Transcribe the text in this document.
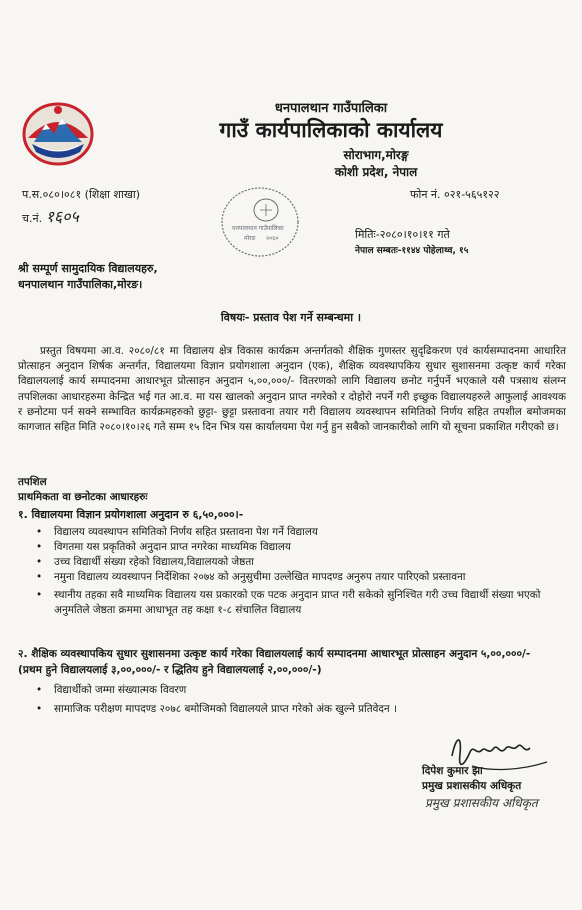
धनपालथान गाउँपालिका
गाउँ कार्यपालिकाको कार्यालय
सोराभाग,मोरङ्ग
कोशी प्रदेश, नेपाल
प.स.०८०।०८१ (शिक्षा शाखा)
च.नं. १६०५
फोन नं. ०२१-५६५१२२
मितिः-२०८०।१०।११ गते
नेपाल सम्बतः-११४४ पोहेलाथ्व, १५
धनपालथान गाउँपालिका
मोरङ २०६०
श्री सम्पूर्ण सामुदायिक विद्यालयहरु,
धनपालथान गाउँपालिका,मोरङ।
विषयः- प्रस्ताव पेश गर्ने सम्बन्धमा ।
प्रस्तुत विषयमा आ.व. २०८०/८१ मा विद्यालय क्षेत्र विकास कार्यक्रम अन्तर्गतको शैक्षिक गुणस्तर सुदृढिकरण एवं कार्यसम्पादनमा आधारित प्रोत्साहन अनुदान शिर्षक अन्तर्गत, विद्यालयमा विज्ञान प्रयोगशाला अनुदान (एक), शैक्षिक व्यवस्थापकिय सुधार सुशासनमा उत्कृष्ट कार्य गरेका विद्यालयलाई कार्य सम्पादनमा आधारभूत प्रोत्साहन अनुदान ५,००,०००/- वितरणको लागि विद्यालय छनोट गर्नुपर्ने भएकाले यसै पत्रसाथ संलग्न तपशिलका आधारहरुमा केन्द्रित भई गत आ.व. मा यस खालको अनुदान प्राप्त नगरेको र दोहोरो नपर्ने गरी इच्छुक विद्यालयहरुले आफुलाई आवश्यक र छनोटमा पर्न सक्ने सम्भावित कार्यक्रमहरुको छुट्टा- छुट्टा प्रस्तावना तयार गरी विद्यालय व्यवस्थापन समितिको निर्णय सहित तपशील बमोजमका कागजात सहित मिति २०८०।१०।२६ गते सम्म १५ दिन भित्र यस कार्यालयमा पेश गर्नु हुन सबैको जानकारीको लागि यो सूचना प्रकाशित गरीएको छ।
तपशिल
प्राथमिकता वा छनोटका आधारहरुः
१. विद्यालयमा विज्ञान प्रयोगशाला अनुदान रु ६,५०,०००।-
• विद्यालय व्यवस्थापन समितिको निर्णय सहित प्रस्तावना पेश गर्ने विद्यालय
• विगतमा यस प्रकृतिको अनुदान प्राप्त नगरेका माध्यमिक विद्यालय
• उच्च विद्यार्थी संख्या रहेको विद्यालय,विद्यालयको जेष्ठता
• नमुना विद्यालय व्यवस्थापन निर्देशिका २०७४ को अनुसुचीमा उल्लेखित मापदण्ड अनुरुप तयार पारिएको प्रस्तावना
• स्थानीय तहका सवै माध्यमिक विद्यालय यस प्रकारको एक पटक अनुदान प्राप्त गरी सकेको सुनिश्चित गरी उच्च विद्यार्थी संख्या भएको अनुमतिले जेष्ठता क्रममा आधाभूत तह कक्षा १-८ संचालित विद्यालय
२. शैक्षिक व्यवस्थापकिय सुधार सुशासनमा उत्कृष्ट कार्य गरेका विद्यालयलाई कार्य सम्पादनमा आधारभूत प्रोत्साहन अनुदान ५,००,०००/- (प्रथम हुने विद्यालयलाई ३,००,०००/- र द्धितिय हुने विद्यालयलाई २,००,०००/-)
• विद्यार्थीको जम्मा संख्यात्मक विवरण
• सामाजिक परीक्षण मापदण्ड २०७८ बमोजिमको विद्यालयले प्राप्त गरेको अंक खुल्ने प्रतिवेदन ।
दिपेश कुमार झा
प्रमुख प्रशासकीय अधिकृत
प्रमुख प्रशासकीय अधिकृत
